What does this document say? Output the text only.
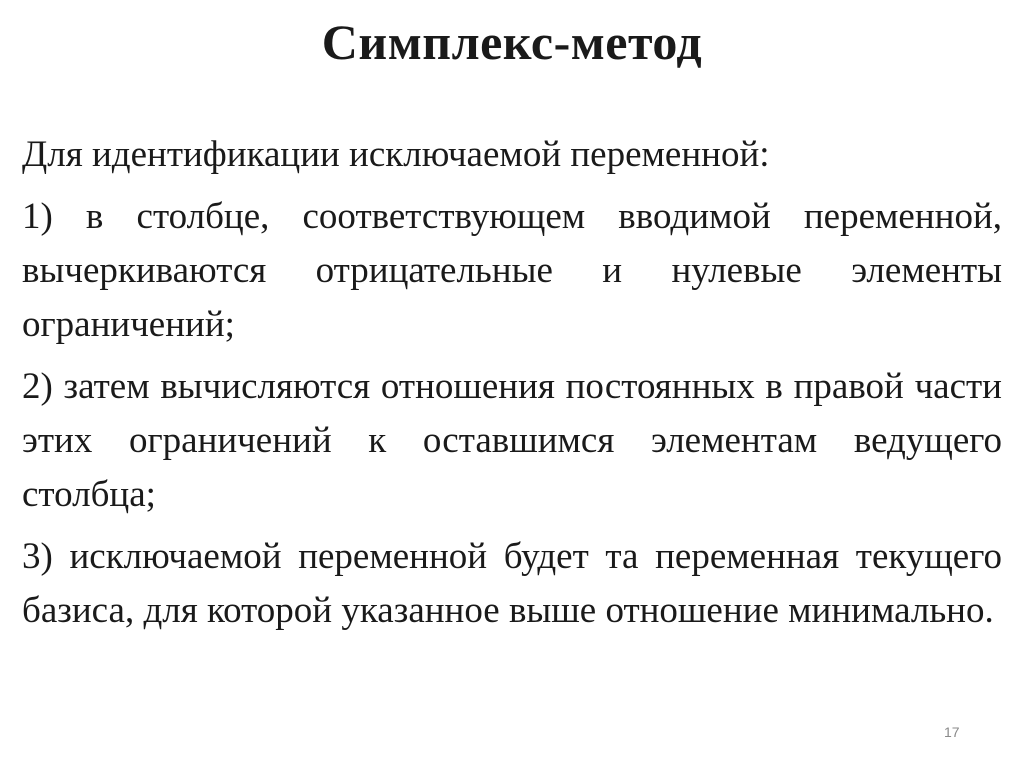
Симплекс-метод

Для идентификации исключаемой переменной:

1) в столбце, соответствующем вводимой переменной, вычеркиваются отрицательные и нулевые элементы ограничений;

2) затем вычисляются отношения постоянных в правой части этих ограничений к оставшимся элементам ведущего столбца;

3) исключаемой переменной будет та переменная текущего базиса, для которой указанное выше отношение минимально.

17
